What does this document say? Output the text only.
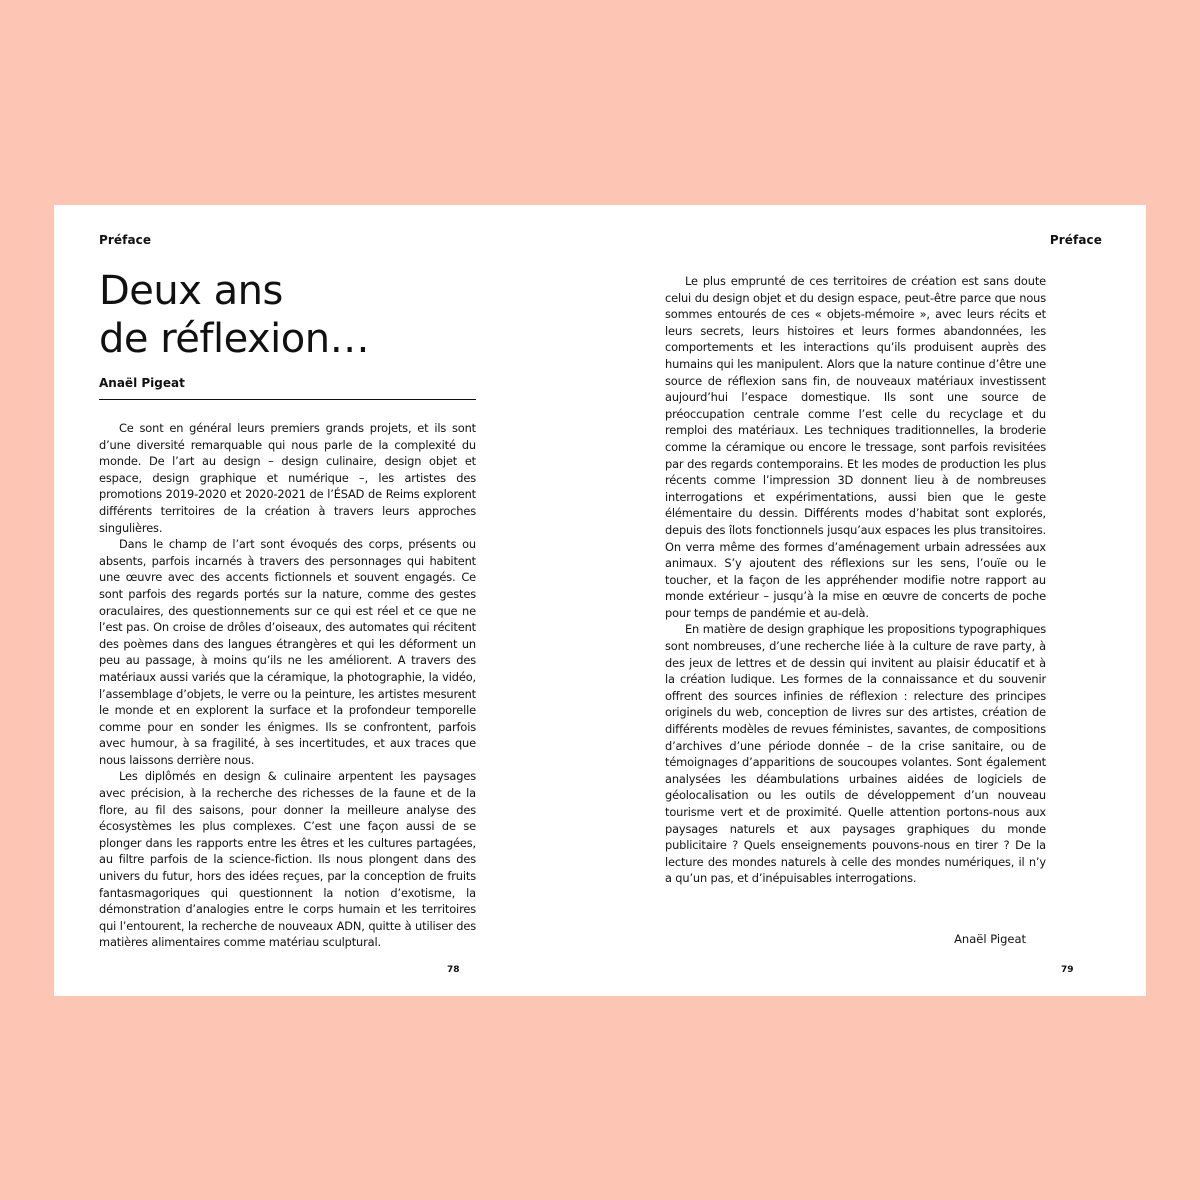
Préface
Deux ans
de réflexion…
Anaël Pigeat

Ce sont en général leurs premiers grands projets, et ils sont d’une diversité remarquable qui nous parle de la complexité du monde. De l’art au design – design culinaire, design objet et espace, design graphique et numérique –, les artistes des promotions 2019-2020 et 2020-2021 de l’ÉSAD de Reims explorent différents territoires de la création à travers leurs approches singulières.

Dans le champ de l’art sont évoqués des corps, présents ou absents, parfois incarnés à travers des personnages qui habitent une œuvre avec des accents fictionnels et souvent engagés. Ce sont parfois des regards portés sur la nature, comme des gestes oraculaires, des questionnements sur ce qui est réel et ce que ne l’est pas. On croise de drôles d’oiseaux, des automates qui récitent des poèmes dans des langues étrangères et qui les déforment un peu au passage, à moins qu’ils ne les améliorent. A travers des matériaux aussi variés que la céramique, la photographie, la vidéo, l’assemblage d’objets, le verre ou la peinture, les artistes mesurent le monde et en explorent la surface et la profondeur temporelle comme pour en sonder les énigmes. Ils se confrontent, parfois avec humour, à sa fragilité, à ses incertitudes, et aux traces que nous laissons derrière nous.

Les diplômés en design & culinaire arpentent les paysages avec précision, à la recherche des richesses de la faune et de la flore, au fil des saisons, pour donner la meilleure analyse des écosystèmes les plus complexes. C’est une façon aussi de se plonger dans les rapports entre les êtres et les cultures partagées, au filtre parfois de la science-fiction. Ils nous plongent dans des univers du futur, hors des idées reçues, par la conception de fruits fantasmagoriques qui questionnent la notion d’exotisme, la démonstration d’analogies entre le corps humain et les territoires qui l’entourent, la recherche de nouveaux ADN, quitte à utiliser des matières alimentaires comme matériau sculptural.

78
Préface

Le plus emprunté de ces territoires de création est sans doute celui du design objet et du design espace, peut-être parce que nous sommes entourés de ces « objets-mémoire », avec leurs récits et leurs secrets, leurs histoires et leurs formes abandonnées, les comportements et les interactions qu’ils produisent auprès des humains qui les manipulent. Alors que la nature continue d’être une source de réflexion sans fin, de nouveaux matériaux investissent aujourd’hui l’espace domestique. Ils sont une source de préoccupation centrale comme l’est celle du recyclage et du remploi des matériaux. Les techniques traditionnelles, la broderie comme la céramique ou encore le tressage, sont parfois revisitées par des regards contemporains. Et les modes de production les plus récents comme l’impression 3D donnent lieu à de nombreuses interrogations et expérimentations, aussi bien que le geste élémentaire du dessin. Différents modes d’habitat sont explorés, depuis des îlots fonctionnels jusqu’aux espaces les plus transitoires. On verra même des formes d’aménagement urbain adressées aux animaux. S’y ajoutent des réflexions sur les sens, l’ouïe ou le toucher, et la façon de les appréhender modifie notre rapport au monde extérieur – jusqu’à la mise en œuvre de concerts de poche pour temps de pandémie et au-delà.

En matière de design graphique les propositions typographiques sont nombreuses, d’une recherche liée à la culture de rave party, à des jeux de lettres et de dessin qui invitent au plaisir éducatif et à la création ludique. Les formes de la connaissance et du souvenir offrent des sources infinies de réflexion : relecture des principes originels du web, conception de livres sur des artistes, création de différents modèles de revues féministes, savantes, de compositions d’archives d’une période donnée – de la crise sanitaire, ou de témoignages d’apparitions de soucoupes volantes. Sont également analysées les déambulations urbaines aidées de logiciels de géolocalisation ou les outils de développement d’un nouveau tourisme vert et de proximité. Quelle attention portons-nous aux paysages naturels et aux paysages graphiques du monde publicitaire ? Quels enseignements pouvons-nous en tirer ? De la lecture des mondes naturels à celle des mondes numériques, il n’y a qu’un pas, et d’inépuisables interrogations.

Anaël Pigeat
79
